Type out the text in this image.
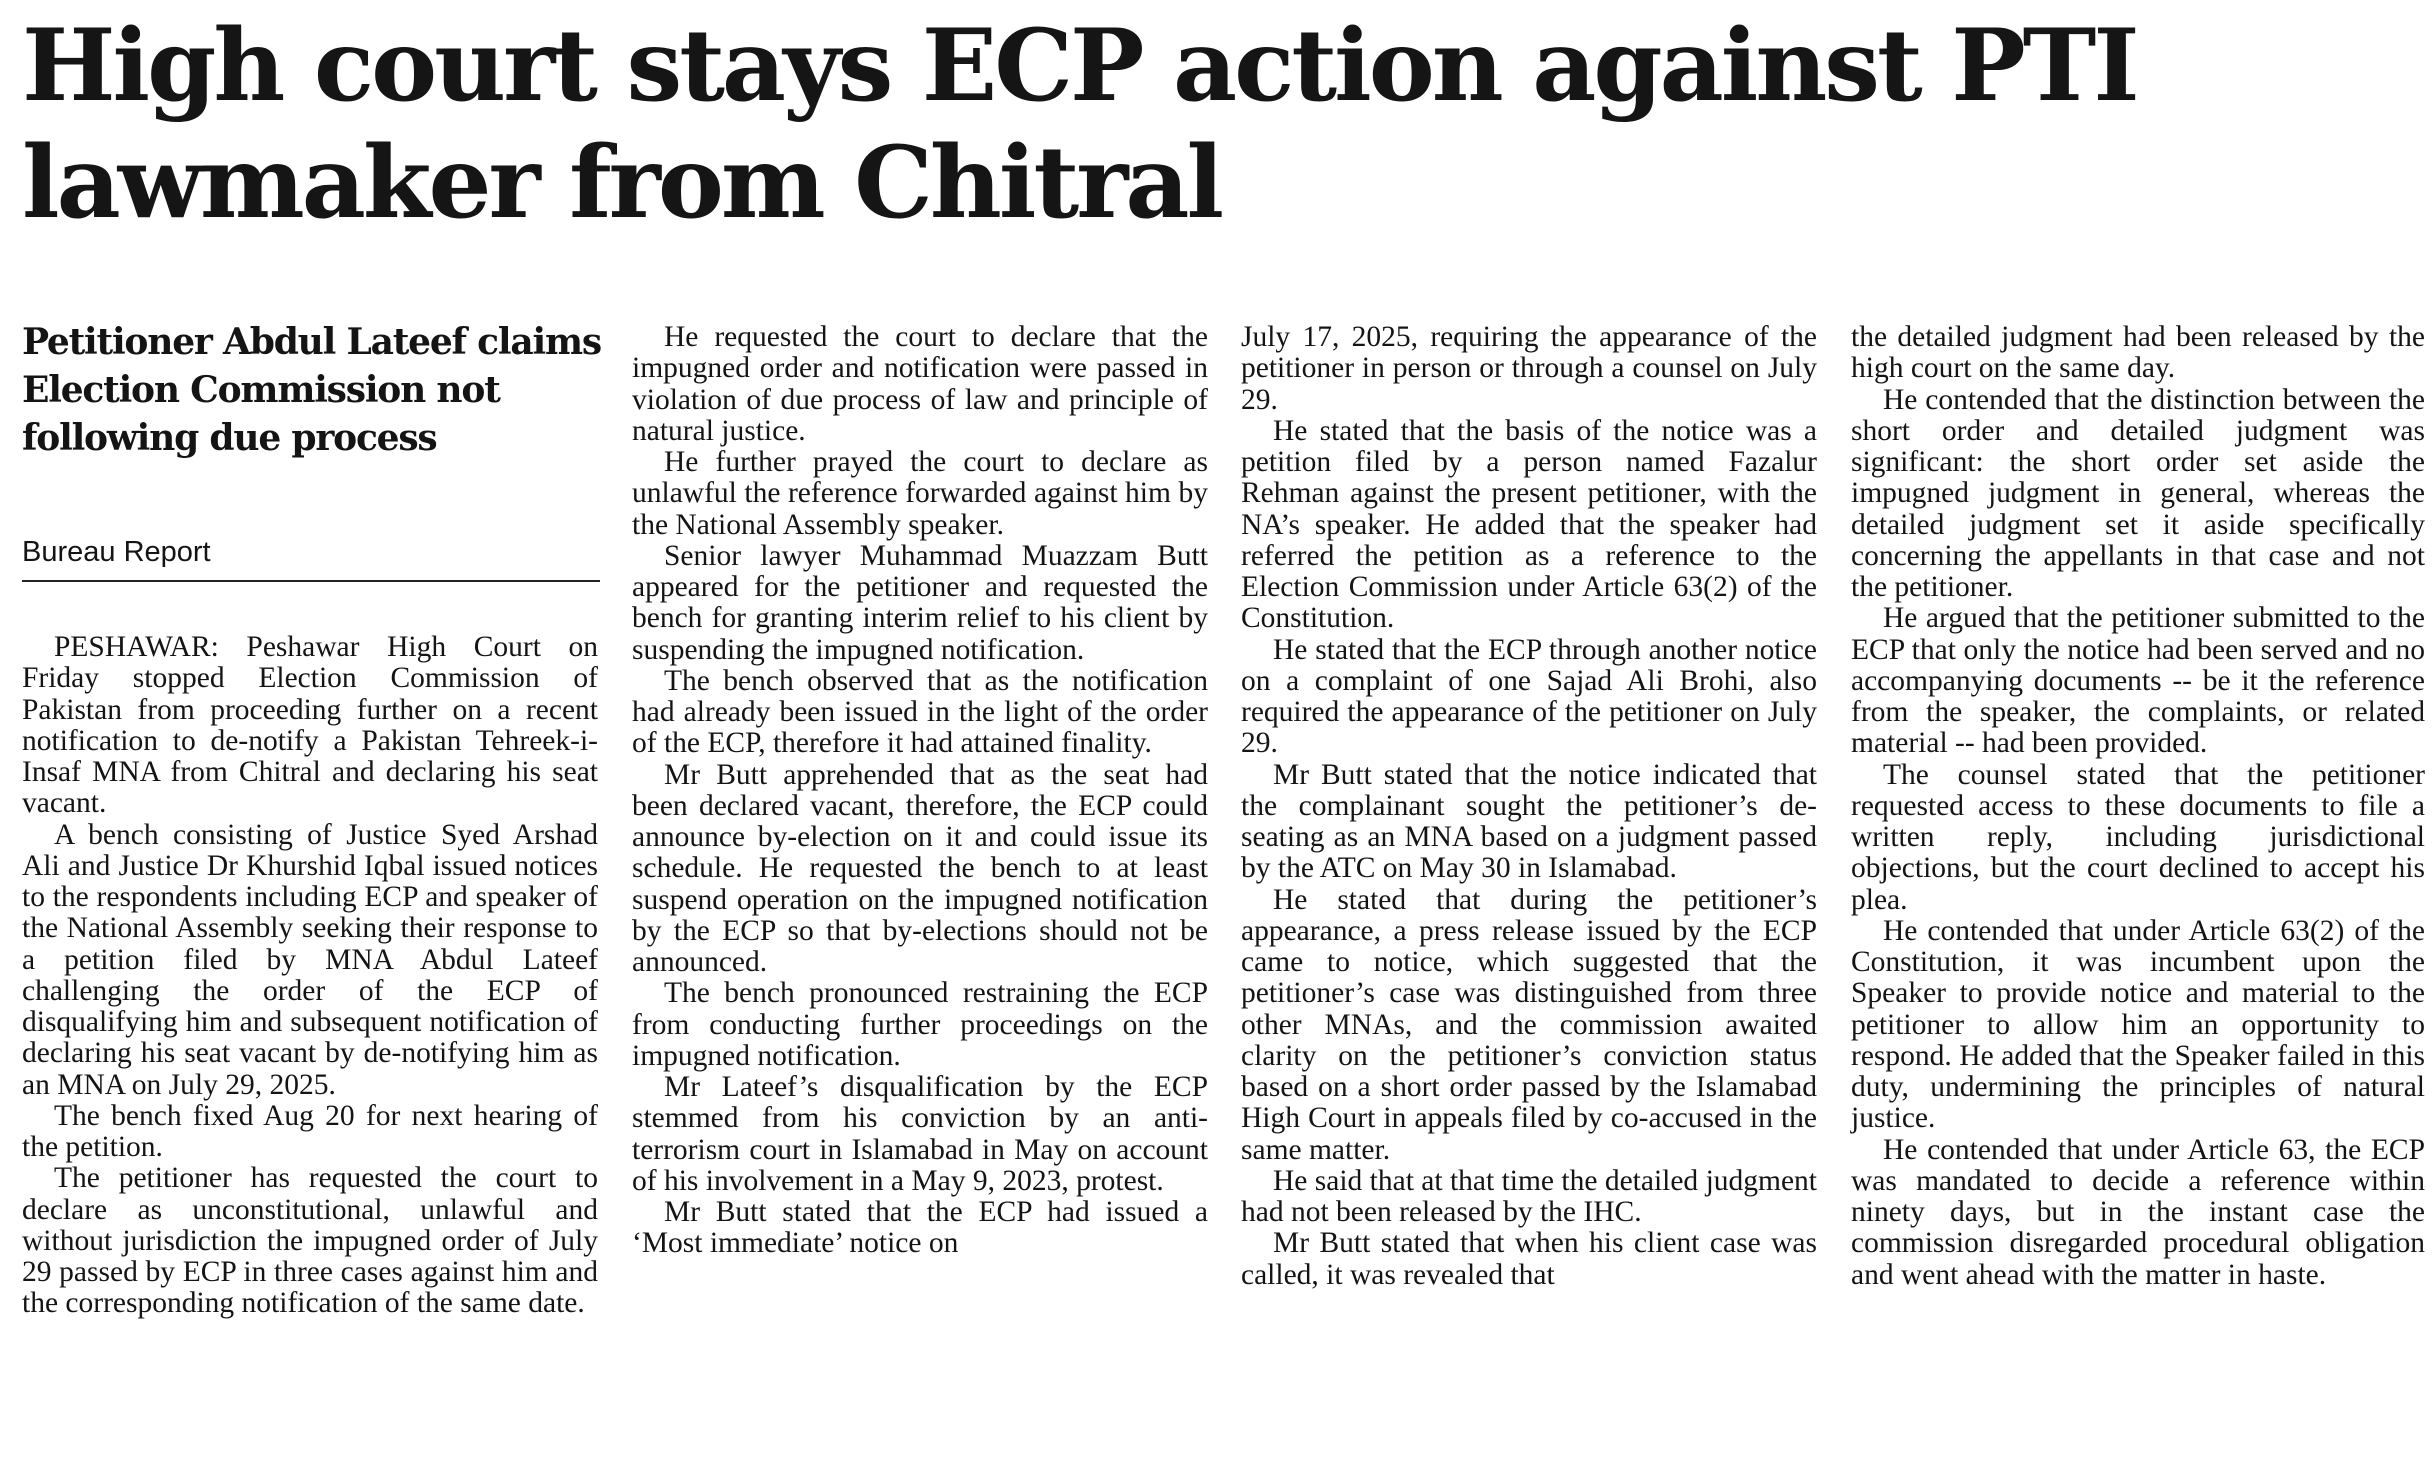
High court stays ECP action against PTI lawmaker from Chitral
Petitioner Abdul Lateef claims Election Commission not following due process
Bureau Report

PESHAWAR: Peshawar High Court on Friday stopped Election Commission of Pakistan from proceeding further on a recent notification to de-notify a Pakistan Tehreek-i-Insaf MNA from Chitral and declaring his seat vacant.

A bench consisting of Justice Syed Arshad Ali and Justice Dr Khurshid Iqbal issued notices to the respondents including ECP and speaker of the National Assembly seeking their response to a petition filed by MNA Abdul Lateef challenging the order of the ECP of disqualifying him and subsequent notification of declaring his seat vacant by de-notifying him as an MNA on July 29, 2025.

The bench fixed Aug 20 for next hearing of the petition.

The petitioner has requested the court to declare as unconstitutional, unlawful and without jurisdiction the impugned order of July 29 passed by ECP in three cases against him and the corresponding notification of the same date.

He requested the court to declare that the impugned order and notification were passed in violation of due process of law and principle of natural justice.

He further prayed the court to declare as unlawful the reference forwarded against him by the National Assembly speaker.

Senior lawyer Muhammad Muazzam Butt appeared for the petitioner and requested the bench for granting interim relief to his client by suspending the impugned notification.

The bench observed that as the notification had already been issued in the light of the order of the ECP, therefore it had attained finality.

Mr Butt apprehended that as the seat had been declared vacant, therefore, the ECP could announce by-election on it and could issue its schedule. He requested the bench to at least suspend operation on the impugned notification by the ECP so that by-elections should not be announced.

The bench pronounced restraining the ECP from conducting further proceedings on the impugned notification.

Mr Lateef’s disqualification by the ECP stemmed from his conviction by an anti-terrorism court in Islamabad in May on account of his involvement in a May 9, 2023, protest.

Mr Butt stated that the ECP had issued a ‘Most immediate’ notice on

July 17, 2025, requiring the appearance of the petitioner in person or through a counsel on July 29.

He stated that the basis of the notice was a petition filed by a person named Fazalur Rehman against the present petitioner, with the NA’s speaker. He added that the speaker had referred the petition as a reference to the Election Commission under Article 63(2) of the Constitution.

He stated that the ECP through another notice on a complaint of one Sajad Ali Brohi, also required the appearance of the petitioner on July 29.

Mr Butt stated that the notice indicated that the complainant sought the petitioner’s de-seating as an MNA based on a judgment passed by the ATC on May 30 in Islamabad.

He stated that during the petitioner’s appearance, a press release issued by the ECP came to notice, which suggested that the petitioner’s case was distinguished from three other MNAs, and the commission awaited clarity on the petitioner’s conviction status based on a short order passed by the Islamabad High Court in appeals filed by co-accused in the same matter.

He said that at that time the detailed judgment had not been released by the IHC.

Mr Butt stated that when his client case was called, it was revealed that

the detailed judgment had been released by the high court on the same day.

He contended that the distinction between the short order and detailed judgment was significant: the short order set aside the impugned judgment in general, whereas the detailed judgment set it aside specifically concerning the appellants in that case and not the petitioner.

He argued that the petitioner submitted to the ECP that only the notice had been served and no accompanying documents -- be it the reference from the speaker, the complaints, or related material -- had been provided.

The counsel stated that the petitioner requested access to these documents to file a written reply, including jurisdictional objections, but the court declined to accept his plea.

He contended that under Article 63(2) of the Constitution, it was incumbent upon the Speaker to provide notice and material to the petitioner to allow him an opportunity to respond. He added that the Speaker failed in this duty, undermining the principles of natural justice.

He contended that under Article 63, the ECP was mandated to decide a reference within ninety days, but in the instant case the commission disregarded procedural obligation and went ahead with the matter in haste.
